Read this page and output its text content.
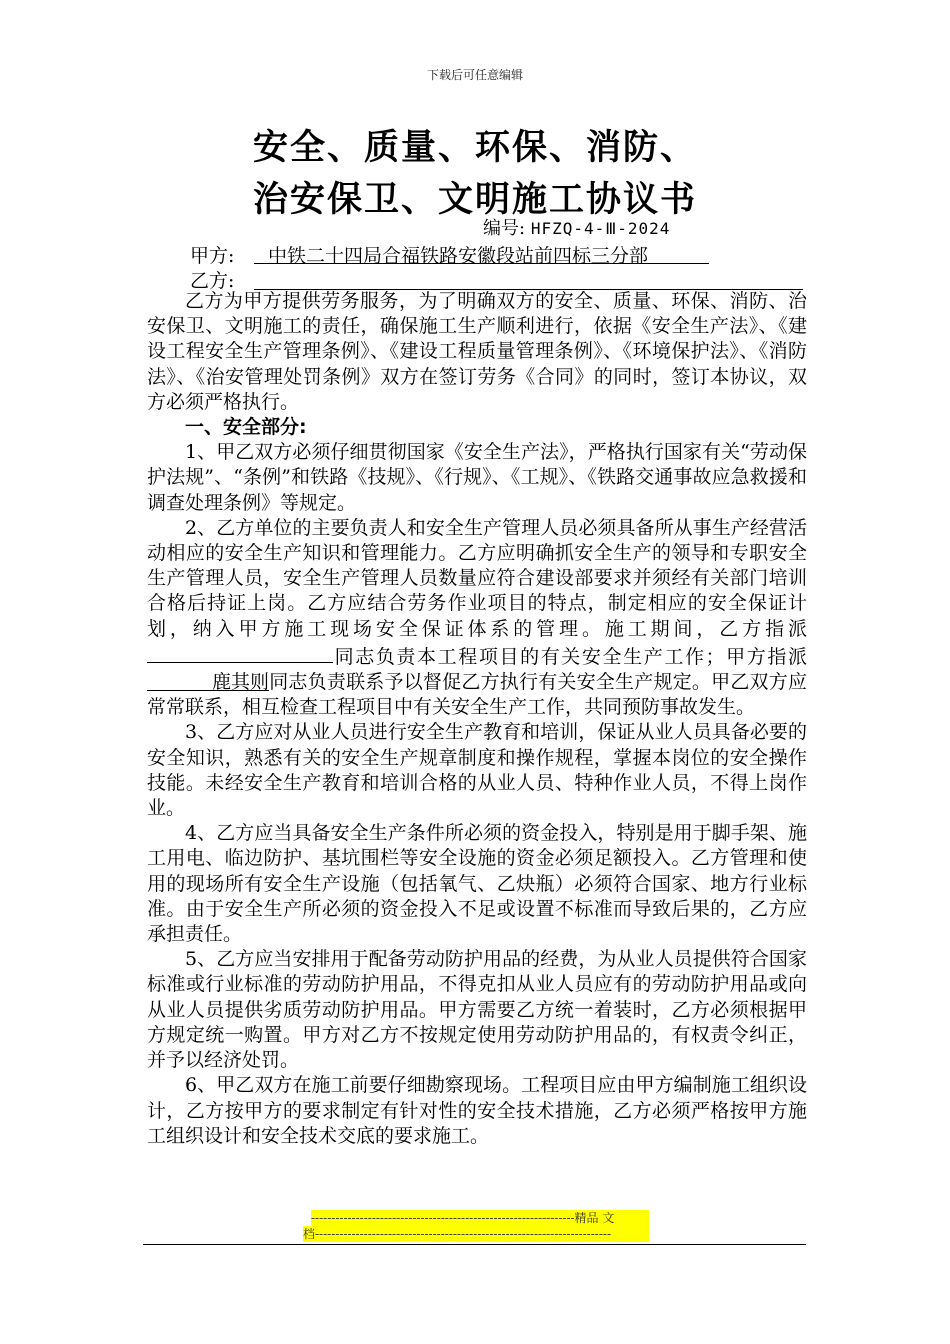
下载后可任意编辑
安全、质量、环保、消防、
治安保卫、文明施工协议书
编号: HFZQ-4-Ⅲ-2024
甲方:	中铁二十四局合福铁路安徽段站前四标三分部
乙方:

乙方为甲方提供劳务服务，为了明确双方的安全、质量、环保、消防、治安保卫、文明施工的责任，确保施工生产顺利进行，依据《安全生产法》、《建设工程安全生产管理条例》、《建设工程质量管理条例》、《环境保护法》、《消防法》、《治安管理处罚条例》双方在签订劳务《合同》的同时，签订本协议，双方必须严格执行。

一、安全部分:

1、甲乙双方必须仔细贯彻国家《安全生产法》，严格执行国家有关“劳动保护法规”、“条例”和铁路《技规》、《行规》、《工规》、《铁路交通事故应急救援和调查处理条例》等规定。

2、乙方单位的主要负责人和安全生产管理人员必须具备所从事生产经营活动相应的安全生产知识和管理能力。乙方应明确抓安全生产的领导和专职安全生产管理人员，安全生产管理人员数量应符合建设部要求并须经有关部门培训合格后持证上岗。乙方应结合劳务作业项目的特点，制定相应的安全保证计划，纳入甲方施工现场安全保证体系的管理。施工期间，乙方指派同志负责本工程项目的有关安全生产工作；甲方指派鹿其则同志负责联系予以督促乙方执行有关安全生产规定。甲乙双方应常常联系，相互检查工程项目中有关安全生产工作，共同预防事故发生。

3、乙方应对从业人员进行安全生产教育和培训，保证从业人员具备必要的安全知识，熟悉有关的安全生产规章制度和操作规程，掌握本岗位的安全操作技能。未经安全生产教育和培训合格的从业人员、特种作业人员，不得上岗作业。

4、乙方应当具备安全生产条件所必须的资金投入，特别是用于脚手架、施工用电、临边防护、基坑围栏等安全设施的资金必须足额投入。乙方管理和使用的现场所有安全生产设施（包括氧气、乙炔瓶）必须符合国家、地方行业标准。由于安全生产所必须的资金投入不足或设置不标准而导致后果的，乙方应承担责任。

5、乙方应当安排用于配备劳动防护用品的经费，为从业人员提供符合国家标准或行业标准的劳动防护用品，不得克扣从业人员应有的劳动防护用品或向从业人员提供劣质劳动防护用品。甲方需要乙方统一着装时，乙方必须根据甲方规定统一购置。甲方对乙方不按规定使用劳动防护用品的，有权责令纠正，并予以经济处罚。

6、甲乙双方在施工前要仔细勘察现场。工程项目应由甲方编制施工组织设计，乙方按甲方的要求制定有针对性的安全技术措施，乙方必须严格按甲方施工组织设计和安全技术交底的要求施工。

-----------------------------------------------------------------精品 文
档-------------------------------------------------------------------------
